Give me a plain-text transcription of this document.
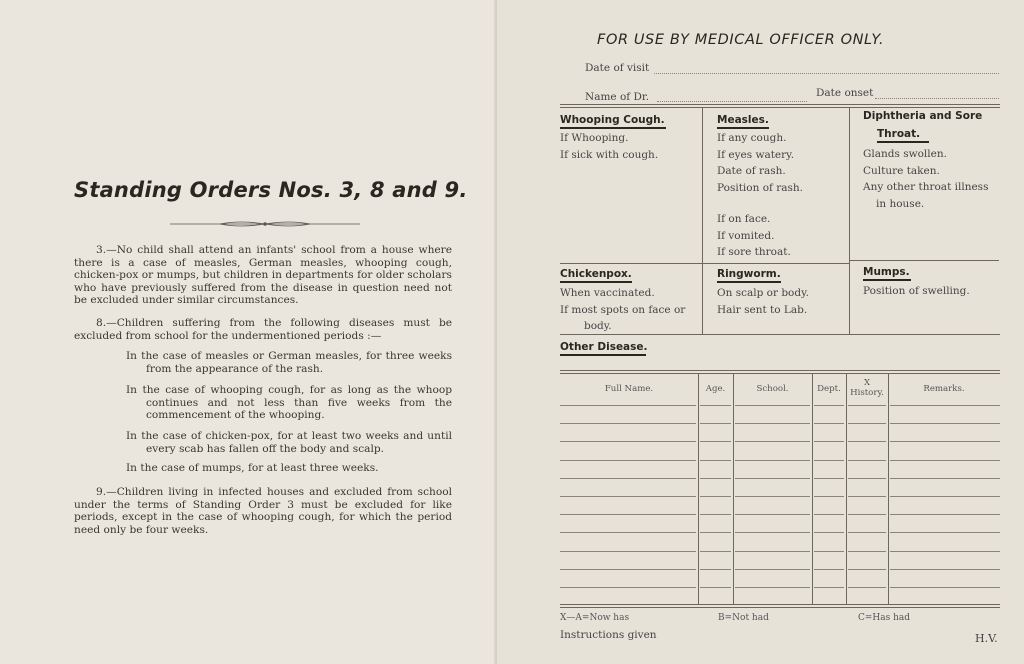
Standing Orders Nos. 3, 8 and 9.

3.—No child shall attend an infants' school from a house where there is a case of measles, German measles, whooping cough, chicken-pox or mumps, but children in departments for older scholars who have previously suffered from the disease in question need not be excluded under similar circumstances.

8.—Children suffering from the following diseases must be excluded from school for the undermentioned periods :—

In the case of measles or German measles, for three weeks from the appearance of the rash.

In the case of whooping cough, for as long as the whoop continues and not less than five weeks from the commencement of the whooping.

In the case of chicken-pox, for at least two weeks and until every scab has fallen off the body and scalp.

In the case of mumps, for at least three weeks.

9.—Children living in infected houses and excluded from school under the terms of Standing Order 3 must be excluded for like periods, except in the case of whooping cough, for which the period need only be four weeks.

FOR USE BY MEDICAL OFFICER ONLY.
Date of visit
Name of Dr.	Date onset
Whooping Cough.
If Whooping.
If sick with cough.
Measles.
If any cough.
If eyes watery.
Date of rash.
Position of rash.
If on face.
If vomited.
If sore throat.
Diphtheria and Sore
Throat.
Glands swollen.
Culture taken.
Any other throat illness
in house.
Chickenpox.
When vaccinated.
If most spots on face or
body.
Ringworm.
On scalp or body.
Hair sent to Lab.
Mumps.
Position of swelling.
Other Disease.
Full Name.	Age.	School.	Dept.
X
History.	Remarks.
X—A=Now has	B=Not had	C=Has had
Instructions given	H.V.
